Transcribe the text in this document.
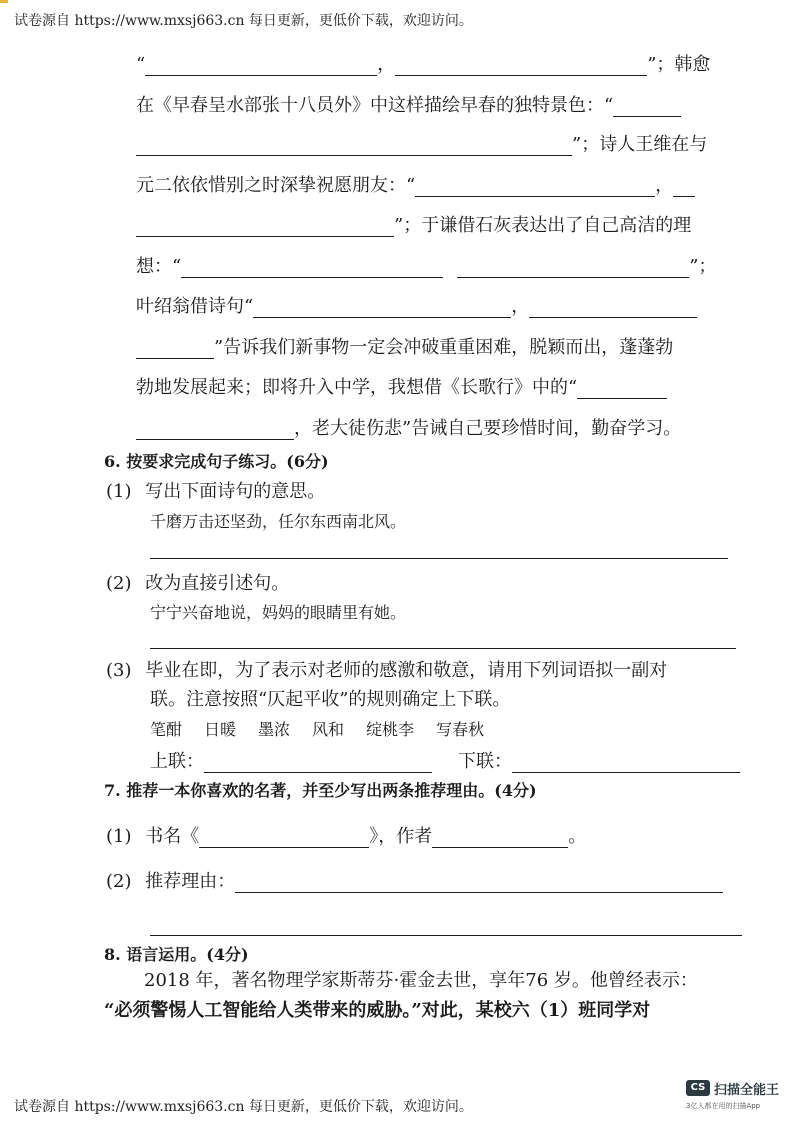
试卷源自 https://www.mxsj663.cn 每日更新，更低价下载，欢迎访问。
“	，	”；韩愈
在《早春呈水部张十八员外》中这样描绘早春的独特景色：“
”；诗人王维在与
元二依依惜别之时深挚祝愿朋友：“	，
”；于谦借石灰表达出了自己高洁的理
想：“	”；
叶绍翁借诗句“	，
”告诉我们新事物一定会冲破重重困难，脱颖而出，蓬蓬勃
勃地发展起来；即将升入中学，我想借《长歌行》中的“
，老大徒伤悲”告诫自己要珍惜时间，勤奋学习。
6. 按要求完成句子练习。(6分)
(1) 写出下面诗句的意思。
千磨万击还坚劲，任尔东西南北风。
(2) 改为直接引述句。
宁宁兴奋地说，妈妈的眼睛里有她。
(3) 毕业在即，为了表示对老师的感激和敬意，请用下列词语拟一副对
联。注意按照“仄起平收”的规则确定上下联。
笔酣 日暖 墨浓 风和 绽桃李 写春秋
上联：	下联：
7. 推荐一本你喜欢的名著，并至少写出两条推荐理由。(4分)
(1) 书名《	》，作者	。
(2) 推荐理由：
8. 语言运用。(4分)
2018 年，著名物理学家斯蒂芬·霍金去世，享年76 岁。他曾经表示：
“必须警惕人工智能给人类带来的威胁。”对此，某校六（1）班同学对
试卷源自 https://www.mxsj663.cn 每日更新，更低价下载，欢迎访问。
CS 扫描全能王
3亿人都在用的扫描App
